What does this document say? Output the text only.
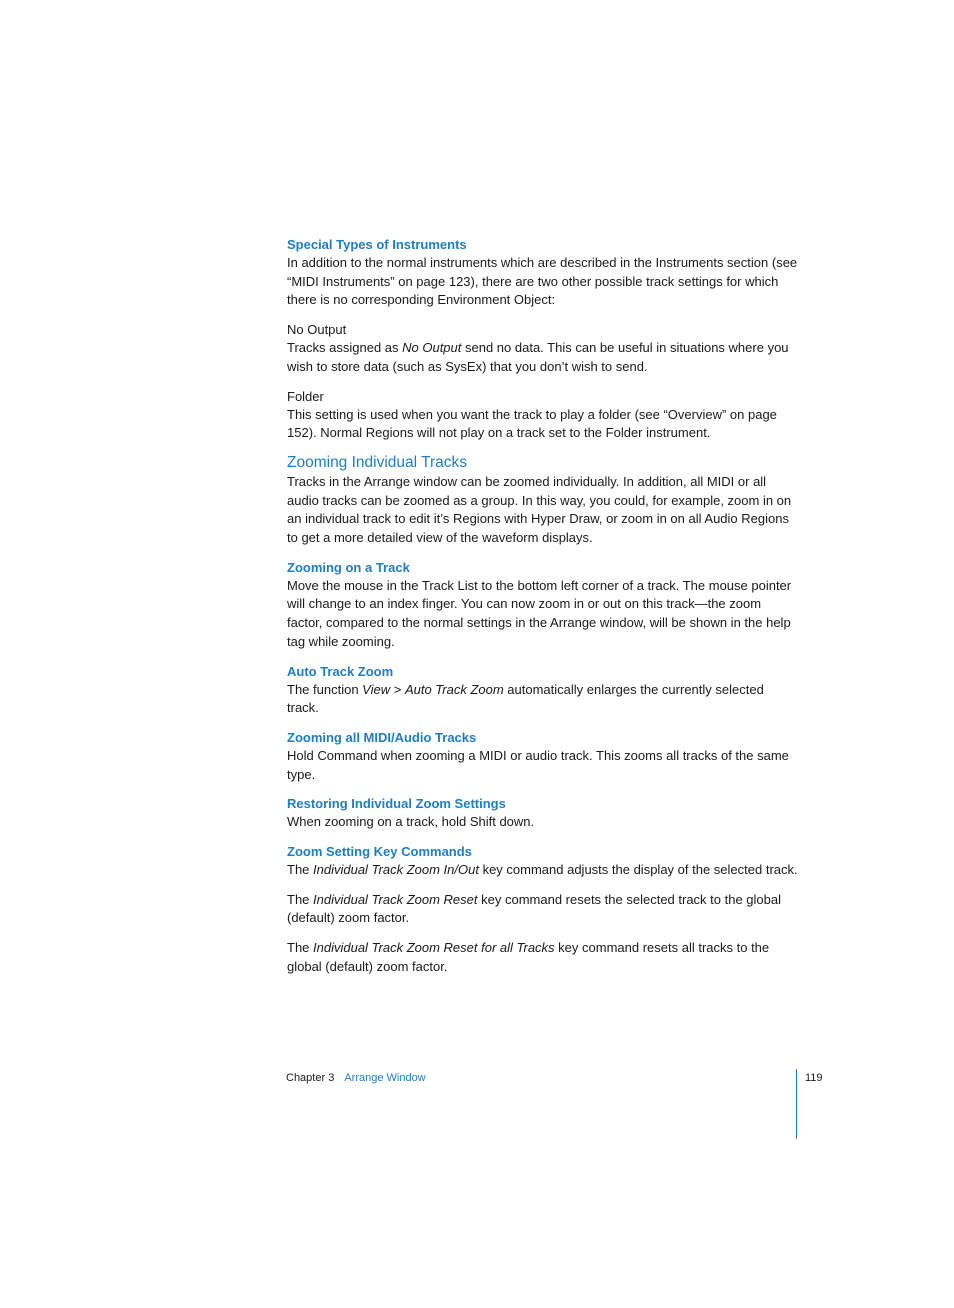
Special Types of Instruments

In addition to the normal instruments which are described in the Instruments section (see “MIDI Instruments” on page 123), there are two other possible track settings for which there is no corresponding Environment Object:

No Output

Tracks assigned as No Output send no data. This can be useful in situations where you wish to store data (such as SysEx) that you don’t wish to send.

Folder

This setting is used when you want the track to play a folder (see “Overview” on page 152). Normal Regions will not play on a track set to the Folder instrument.

Zooming Individual Tracks

Tracks in the Arrange window can be zoomed individually. In addition, all MIDI or all audio tracks can be zoomed as a group. In this way, you could, for example, zoom in on an individual track to edit it’s Regions with Hyper Draw, or zoom in on all Audio Regions to get a more detailed view of the waveform displays.

Zooming on a Track

Move the mouse in the Track List to the bottom left corner of a track. The mouse pointer will change to an index finger. You can now zoom in or out on this track—the zoom factor, compared to the normal settings in the Arrange window, will be shown in the help tag while zooming.

Auto Track Zoom

The function View > Auto Track Zoom automatically enlarges the currently selected track.

Zooming all MIDI/Audio Tracks

Hold Command when zooming a MIDI or audio track. This zooms all tracks of the same type.

Restoring Individual Zoom Settings

When zooming on a track, hold Shift down.

Zoom Setting Key Commands

The Individual Track Zoom In/Out key command adjusts the display of the selected track.

The Individual Track Zoom Reset key command resets the selected track to the global (default) zoom factor.

The Individual Track Zoom Reset for all Tracks key command resets all tracks to the global (default) zoom factor.

Chapter 3 Arrange Window	119
